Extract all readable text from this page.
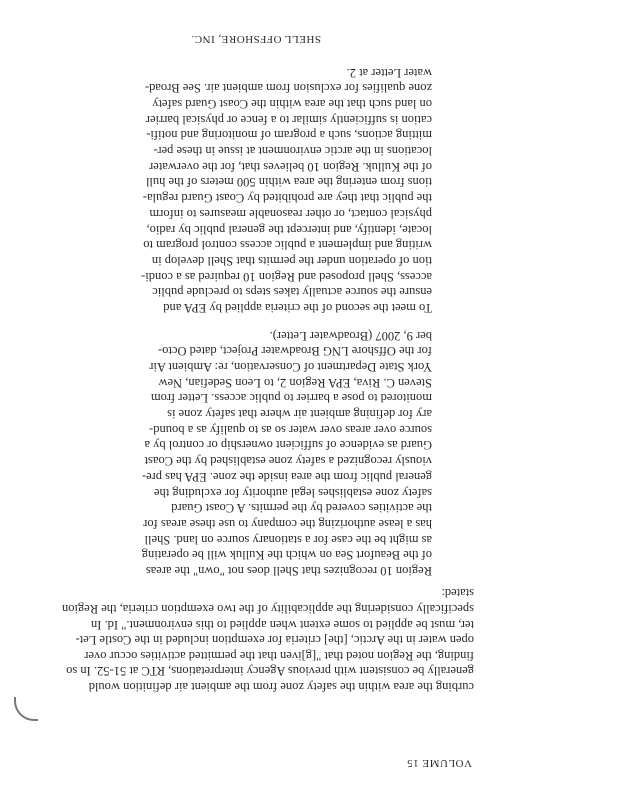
VOLUME 15
curbing the area within the safety zone from the ambient air definition would
generally be consistent with previous Agency interpretations, RTC at 51-52. In so
finding, the Region noted that "[g]iven that the permitted activities occur over
open water in the Arctic, [the] criteria for exemption included in the Costle Let-
ter, must be applied to some extent when applied to this environment." Id. In
specifically considering the applicability of the two exemption criteria, the Region
stated:
Region 10 recognizes that Shell does not "own" the areas
of the Beaufort Sea on which the Kulluk will be operating
as might be the case for a stationary source on land. Shell
has a lease authorizing the company to use these areas for
the activities covered by the permits. A Coast Guard
safety zone establishes legal authority for excluding the
general public from the area inside the zone. EPA has pre-
viously recognized a safety zone established by the Coast
Guard as evidence of sufficient ownership or control by a
source over areas over water so as to qualify as a bound-
ary for defining ambient air where that safety zone is
monitored to pose a barrier to public access. Letter from
Steven C. Riva, EPA Region 2, to Leon Sedefian, New
York State Department of Conservation, re: Ambient Air
for the Offshore LNG Broadwater Project, dated Octo-
ber 9, 2007 (Broadwater Letter).
To meet the second of the criteria applied by EPA and
ensure the source actually takes steps to preclude public
access, Shell proposed and Region 10 required as a condi-
tion of operation under the permits that Shell develop in
writing and implement a public access control program to
locate, identify, and intercept the general public by radio,
physical contact, or other reasonable measures to inform
the public that they are prohibited by Coast Guard regula-
tions from entering the area within 500 meters of the hull
of the Kulluk. Region 10 believes that, for the overwater
locations in the arctic environment at issue in these per-
mitting actions, such a program of monitoring and notifi-
cation is sufficiently similar to a fence or physical barrier
on land such that the area within the Coast Guard safety
zone qualifies for exclusion from ambient air. See Broad-
water Letter at 2.
SHELL OFFSHORE, INC.
